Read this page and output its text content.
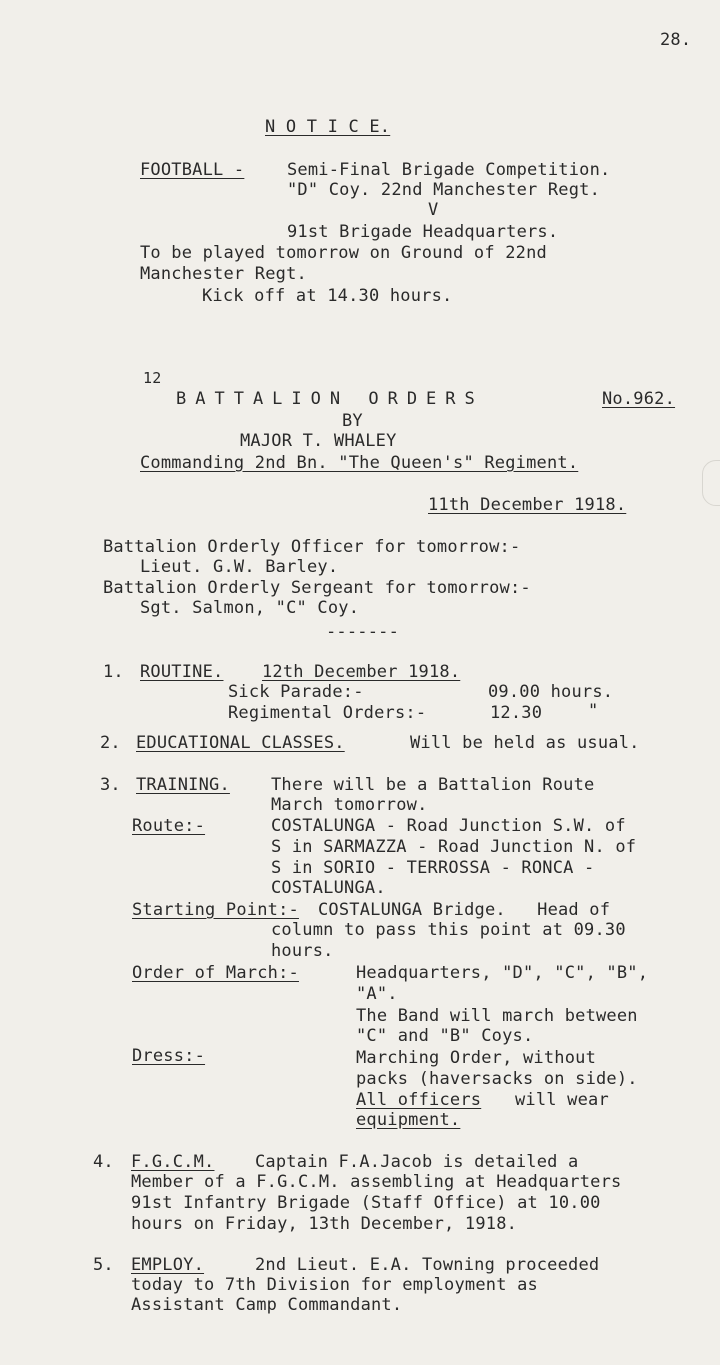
28.
N O T I C E.
FOOTBALL -	Semi-Final Brigade Competition.
"D" Coy. 22nd Manchester Regt.
V
91st Brigade Headquarters.
To be played tomorrow on Ground of 22nd
Manchester Regt.
Kick off at 14.30 hours.
12
BATTALION ORDERS	No.962.
BY
MAJOR T. WHALEY
Commanding 2nd Bn. "The Queen's" Regiment.
11th December 1918.
Battalion Orderly Officer for tomorrow:-
Lieut. G.W. Barley.
Battalion Orderly Sergeant for tomorrow:-
Sgt. Salmon, "C" Coy.
-------
1. ROUTINE. 12th December 1918.
Sick Parade:-	09.00 hours.
Regimental Orders:-	12.30	"
2. EDUCATIONAL CLASSES.	Will be held as usual.
3. TRAINING. There will be a Battalion Route
March tomorrow.
Route:-	COSTALUNGA - Road Junction S.W. of
S in SARMAZZA - Road Junction N. of
S in SORIO - TERROSSA - RONCA -
COSTALUNGA.
Starting Point:- COSTALUNGA Bridge.   Head of
column to pass this point at 09.30
hours.
Order of March:-	Headquarters, "D", "C", "B",
"A".
The Band will march between
"C" and "B" Coys.
Dress:-	Marching Order, without
packs (haversacks on side).
All officers will wear
equipment.
4. F.G.C.M. Captain F.A.Jacob is detailed a
Member of a F.G.C.M. assembling at Headquarters
91st Infantry Brigade (Staff Office) at 10.00
hours on Friday, 13th December, 1918.
5. EMPLOY.	2nd Lieut. E.A. Towning proceeded
today to 7th Division for employment as
Assistant Camp Commandant.
